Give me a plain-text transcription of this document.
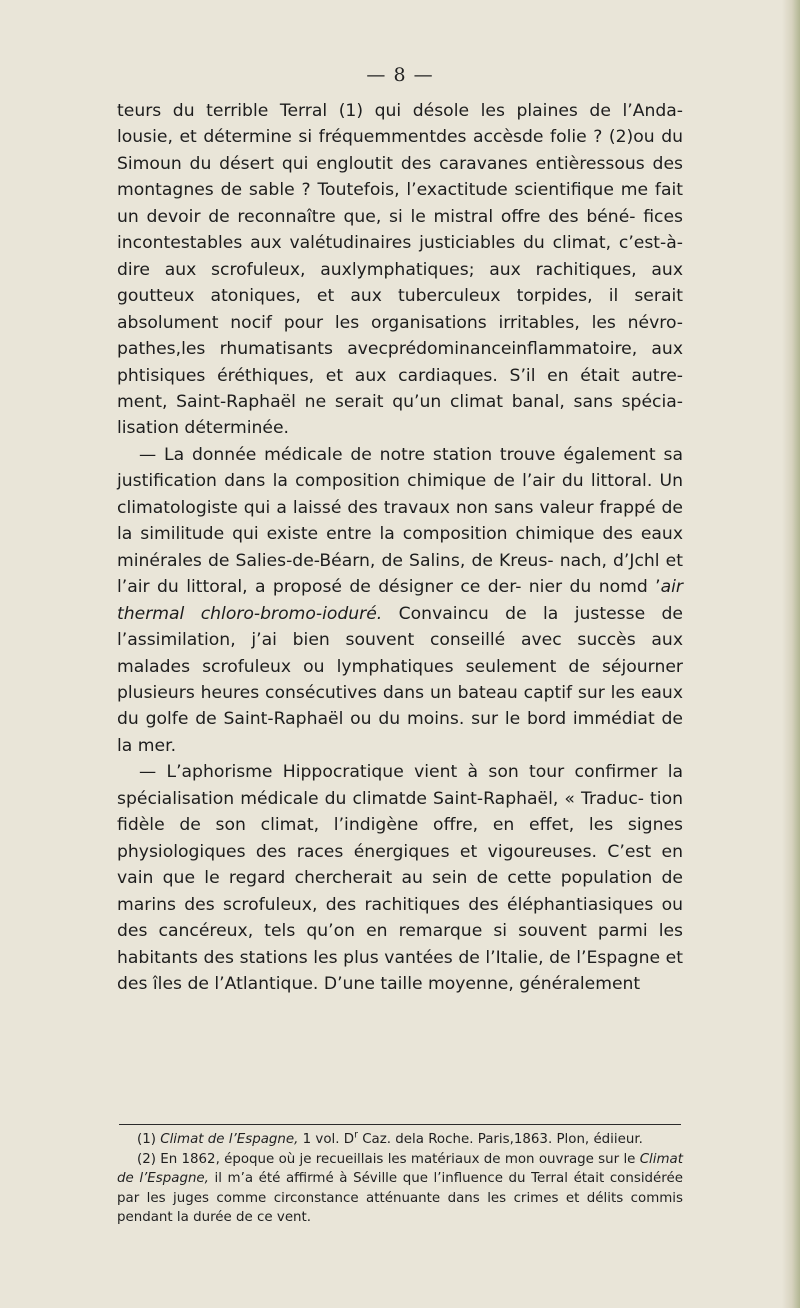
— 8 —

teurs du terrible Terral (1) qui désole les plaines de l’Anda- lousie, et détermine si fréquemmentdes accèsde folie ? (2)ou du Simoun du désert qui engloutit des caravanes entièressous des montagnes de sable ? Toutefois, l’exactitude scientifique me fait un devoir de reconnaître que, si le mistral offre des béné- fices incontestables aux valétudinaires justiciables du climat, c’est-à-dire aux scrofuleux, auxlymphatiques; aux rachitiques, aux goutteux atoniques, et aux tuberculeux torpides, il serait absolument nocif pour les organisations irritables, les névro- pathes,les rhumatisants avecprédominanceinflammatoire, aux phtisiques éréthiques, et aux cardiaques. S’il en était autre- ment, Saint-Raphaël ne serait qu’un climat banal, sans spécia- lisation déterminée.

— La donnée médicale de notre station trouve également sa justification dans la composition chimique de l’air du littoral. Un climatologiste qui a laissé des travaux non sans valeur frappé de la similitude qui existe entre la composition chimique des eaux minérales de Salies-de-Béarn, de Salins, de Kreus- nach, d’Jchl et l’air du littoral, a proposé de désigner ce der- nier du nomd ’air thermal chloro-bromo-ioduré. Convaincu de la justesse de l’assimilation, j’ai bien souvent conseillé avec succès aux malades scrofuleux ou lymphatiques seulement de séjourner plusieurs heures consécutives dans un bateau captif sur les eaux du golfe de Saint-Raphaël ou du moins. sur le bord immédiat de la mer.

— L’aphorisme Hippocratique vient à son tour confirmer la spécialisation médicale du climatde Saint-Raphaël, « Traduc- tion fidèle de son climat, l’indigène offre, en effet, les signes physiologiques des races énergiques et vigoureuses. C’est en vain que le regard chercherait au sein de cette population de marins des scrofuleux, des rachitiques des éléphantiasiques ou des cancéreux, tels qu’on en remarque si souvent parmi les habitants des stations les plus vantées de l’Italie, de l’Espagne et des îles de l’Atlantique. D’une taille moyenne, généralement

(1) Climat de l’Espagne, 1 vol. $D^r$ Caz. dela Roche. Paris,1863. Plon, édiieur.

(2) En 1862, époque où je recueillais les matériaux de mon ouvrage sur le Climat de l’Espagne, il m’a été affirmé à Séville que l’influence du Terral était considérée par les juges comme circonstance atténuante dans les crimes et délits commis pendant la durée de ce vent.
